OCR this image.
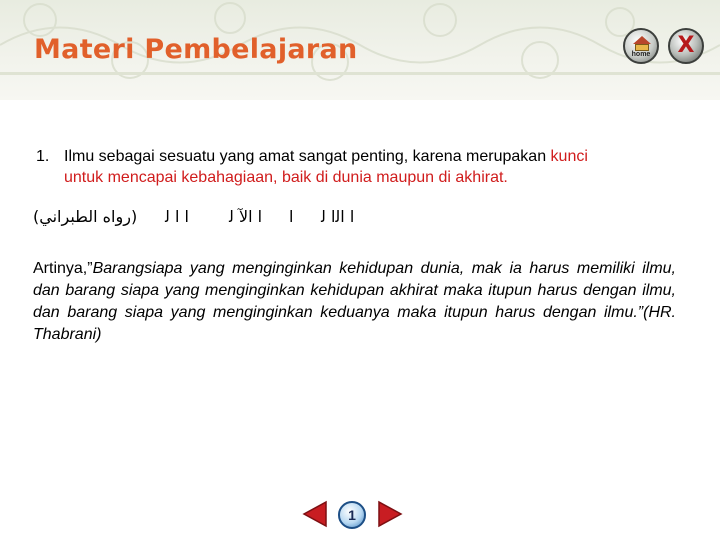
Materi Pembelajaran	home	X
1. Ilmu sebagai sesuatu yang amat sangat penting, karena merupakan kunci
untuk mencapai kebahagiaan, baik di dunia maupun di akhirat.
(رواه الطبراني) ا ا ﻟ	ا الآ ﻟ ا ا اﻟا ﻟ
Artinya,”Barangsiapa yang menginginkan kehidupan dunia, mak ia harus memiliki ilmu, dan barang siapa yang menginginkan kehidupan akhirat maka itupun harus dengan ilmu, dan barang siapa yang menginginkan keduanya maka itupun harus dengan ilmu.”(HR. Thabrani)
1
